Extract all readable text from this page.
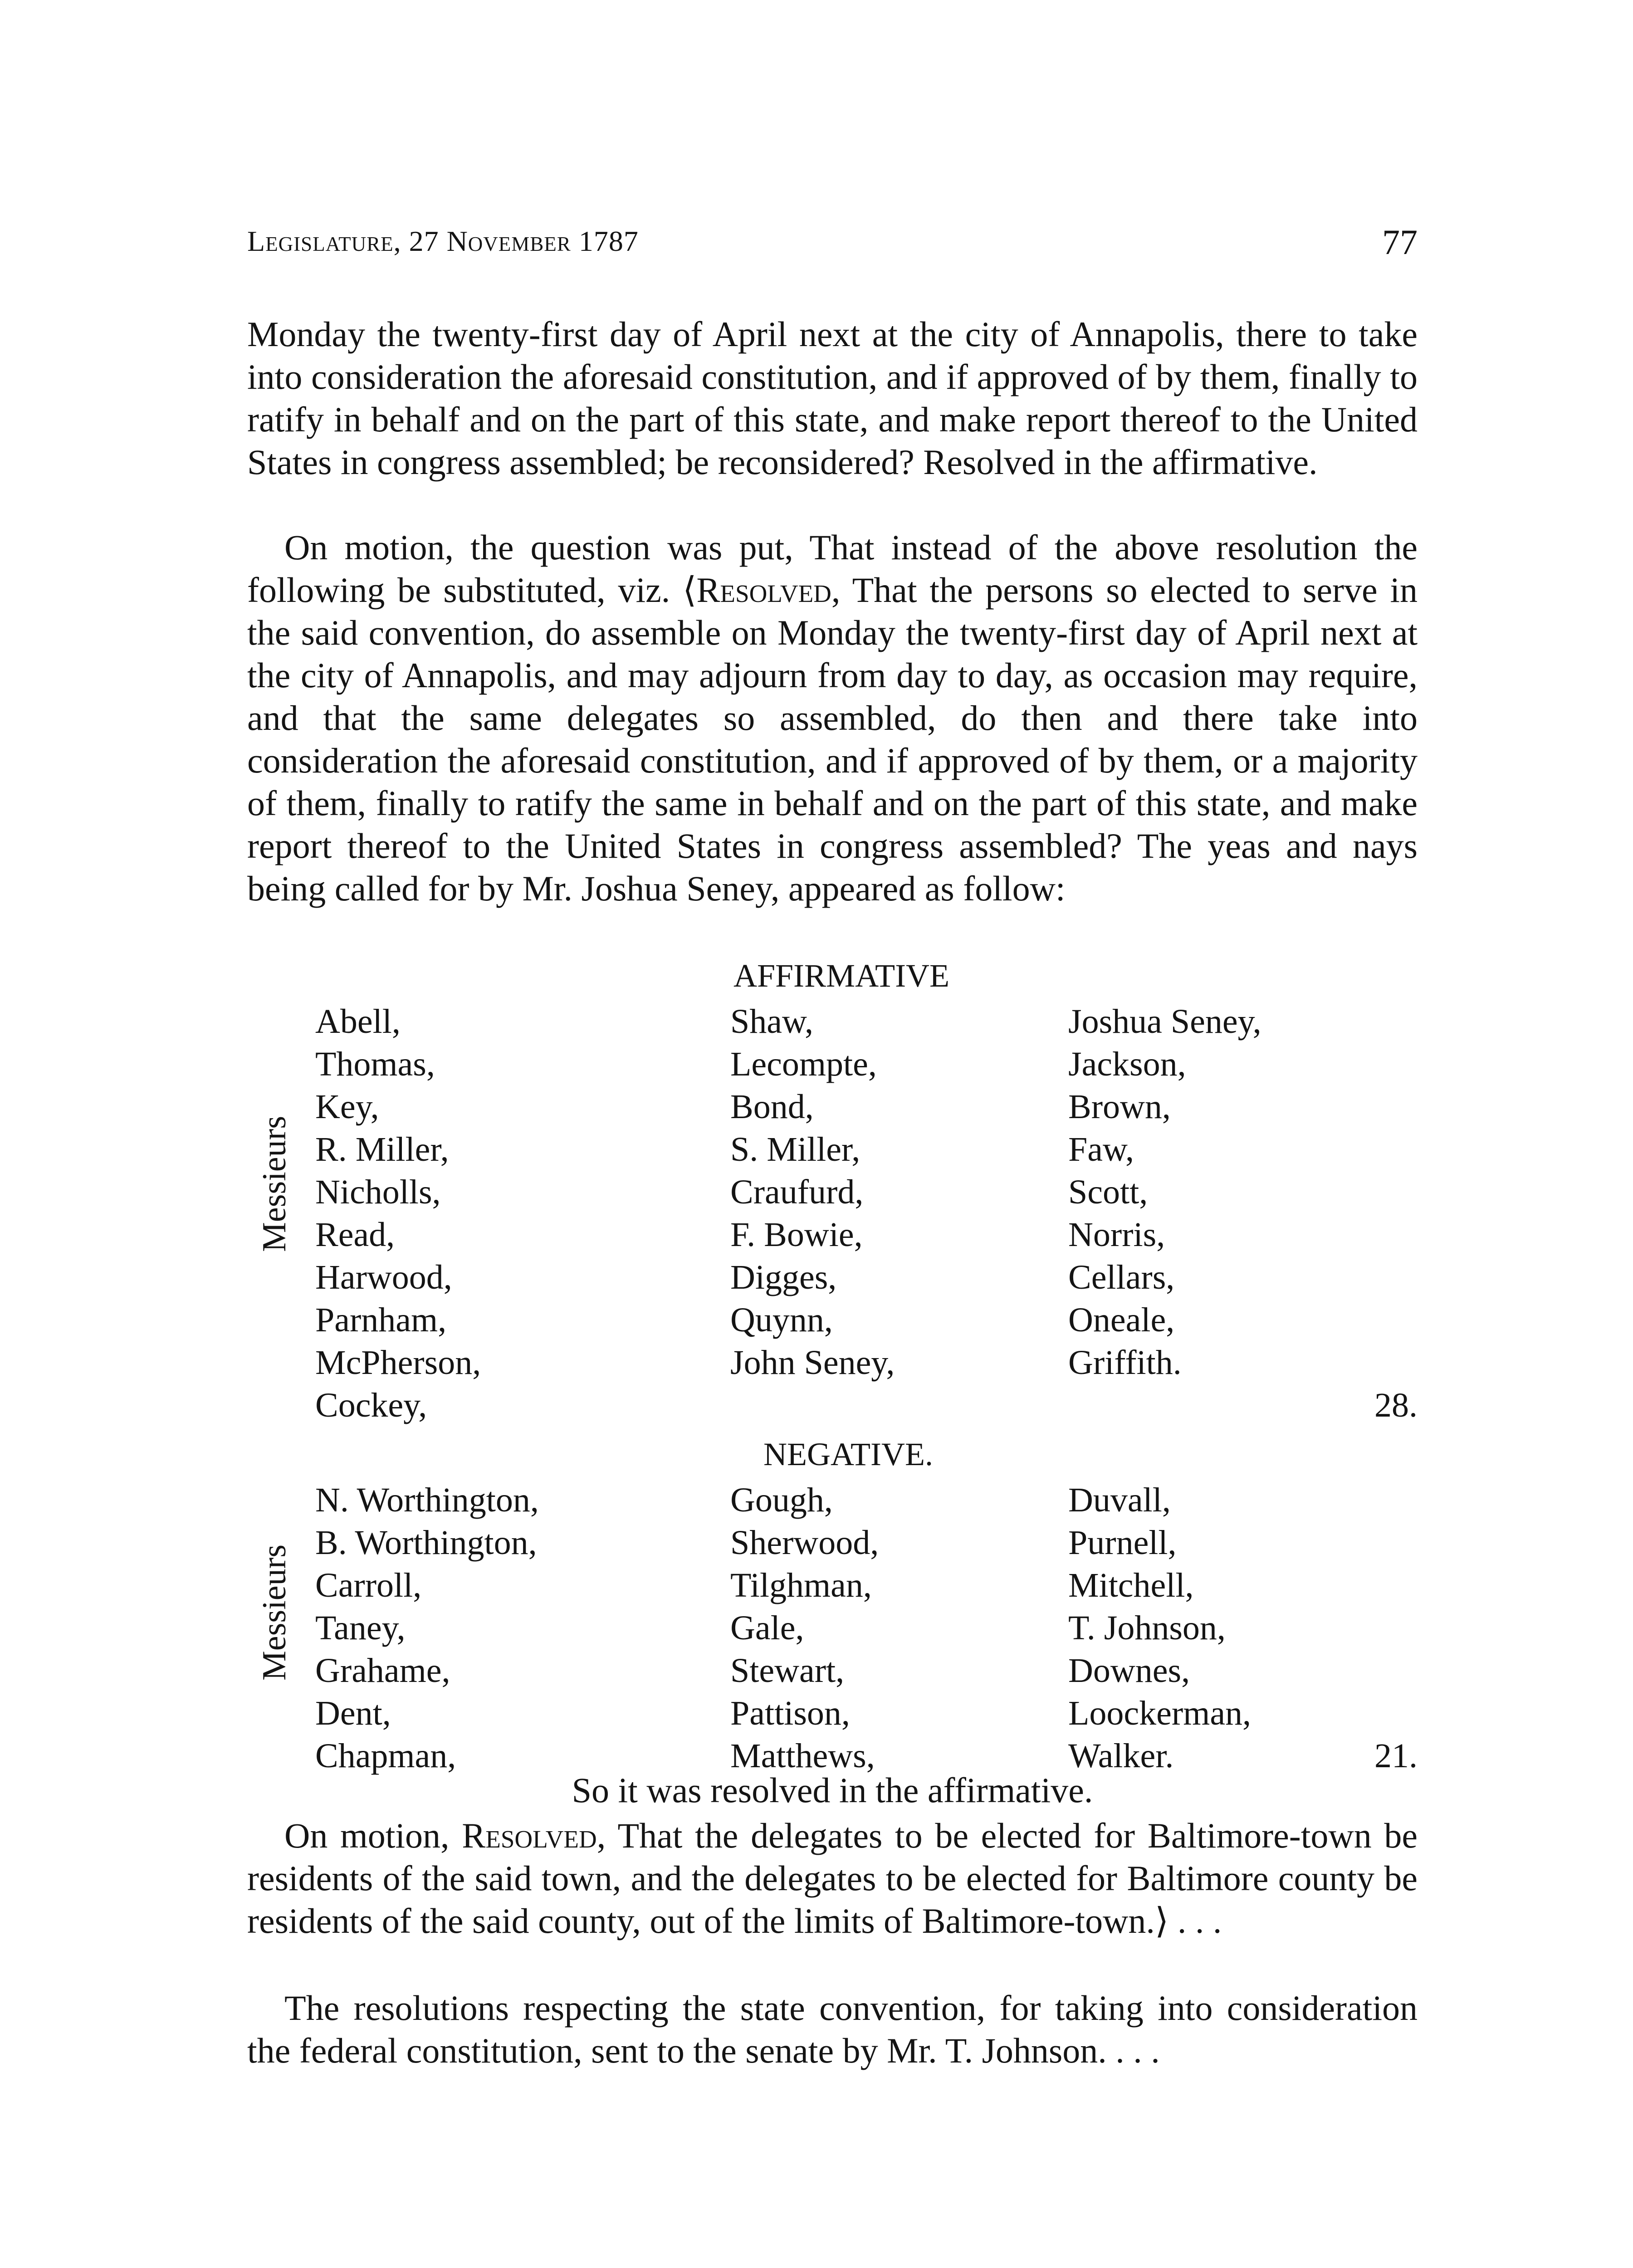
Legislature, 27 November 1787	77

Monday the twenty-first day of April next at the city of Annapolis, there to take into consideration the aforesaid constitution, and if approved of by them, finally to ratify in behalf and on the part of this state, and make report thereof to the United States in congress assembled; be reconsidered? Resolved in the affirmative.

On motion, the question was put, That instead of the above resolution the following be substituted, viz. ⟨Resolved, That the persons so elected to serve in the said convention, do assemble on Monday the twenty-first day of April next at the city of Annapolis, and may adjourn from day to day, as occasion may require, and that the same delegates so assembled, do then and there take into consideration the aforesaid constitution, and if approved of by them, or a majority of them, finally to ratify the same in behalf and on the part of this state, and make report thereof to the United States in congress assembled? The yeas and nays being called for by Mr. Joshua Seney, appeared as follow:

AFFIRMATIVE
Messieurs
Abell,	Shaw,	Joshua Seney,
Thomas,	Lecompte,	Jackson,
Key,	Bond,	Brown,
R. Miller,	S. Miller,	Faw,
Nicholls,	Craufurd,	Scott,
Read,	F. Bowie,	Norris,
Harwood,	Digges,	Cellars,
Parnham,	Quynn,	Oneale,
McPherson,	John Seney,	Griffith.
Cockey,			28.
NEGATIVE.
Messieurs
N. Worthington,	Gough,	Duvall,
B. Worthington,	Sherwood,	Purnell,
Carroll,	Tilghman,	Mitchell,
Taney,	Gale,	T. Johnson,
Grahame,	Stewart,	Downes,
Dent,	Pattison,	Loockerman,
Chapman,	Matthews,	Walker.	21.
So it was resolved in the affirmative.

On motion, Resolved, That the delegates to be elected for Baltimore-town be residents of the said town, and the delegates to be elected for Baltimore county be residents of the said county, out of the limits of Baltimore-town.⟩ . . .

The resolutions respecting the state convention, for taking into consideration the federal constitution, sent to the senate by Mr. T. Johnson. . . .
